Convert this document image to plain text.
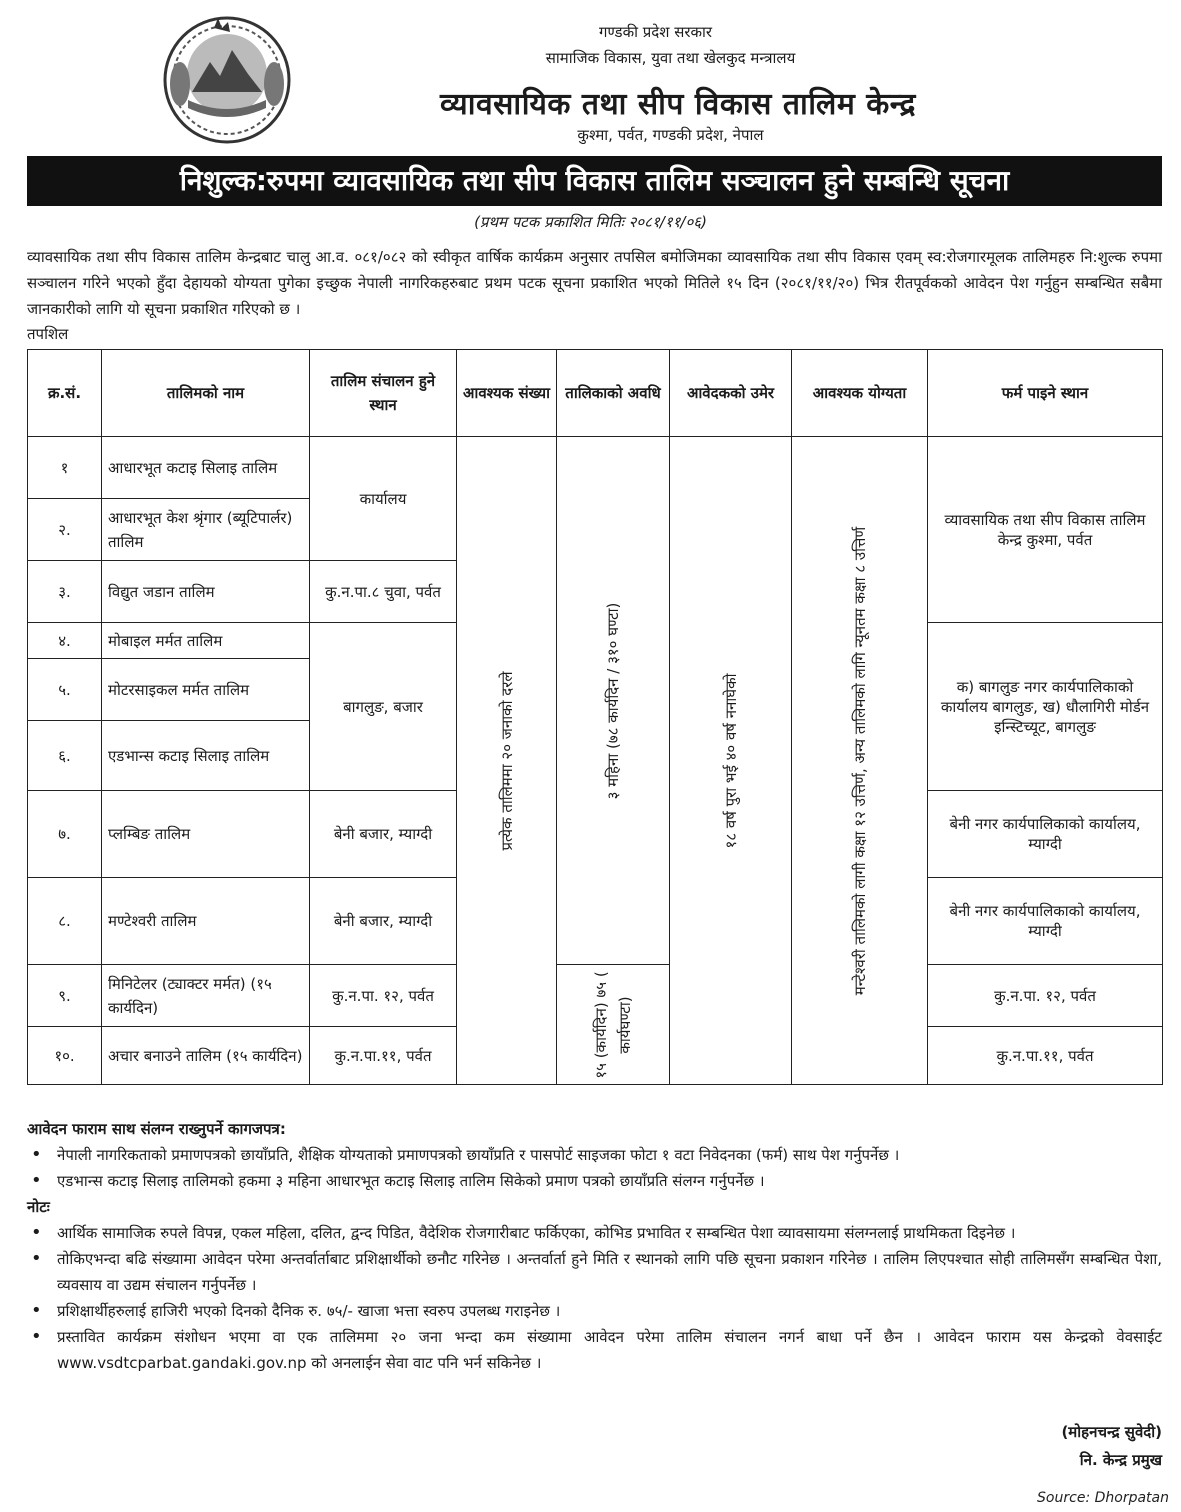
गण्डकी प्रदेश सरकार
सामाजिक विकास, युवा तथा खेलकुद मन्त्रालय
व्यावसायिक तथा सीप विकास तालिम केन्द्र
कुश्मा, पर्वत, गण्डकी प्रदेश, नेपाल
निशुल्क:रुपमा व्यावसायिक तथा सीप विकास तालिम सञ्चालन हुने सम्बन्धि सूचना
(प्रथम पटक प्रकाशित मितिः २०८१/११/०६)
व्यावसायिक तथा सीप विकास तालिम केन्द्रबाट चालु आ.व. ०८१/०८२ को स्वीकृत वार्षिक कार्यक्रम अनुसार तपसिल बमोजिमका व्यावसायिक तथा सीप विकास एवम् स्व:रोजगारमूलक तालिमहरु नि:शुल्क रुपमा सञ्चालन गरिने भएको हुँदा देहायको योग्यता पुगेका इच्छुक नेपाली नागरिकहरुबाट प्रथम पटक सूचना प्रकाशित भएको मितिले १५ दिन (२०८१/११/२०) भित्र रीतपूर्वकको आवेदन पेश गर्नुहुन सम्बन्धित सबैमा जानकारीको लागि यो सूचना प्रकाशित गरिएको छ ।
तपशिल
क्र.सं.	तालिमको नाम	तालिम संचालन हुने स्थान	आवश्यक संख्या	तालिकाको अवधि	आवेदकको उमेर	आवश्यक योग्यता	फर्म पाइने स्थान
१	आधारभूत कटाइ सिलाइ तालिम	कार्यालय	प्रत्येक तालिममा २० जनाको दरले	३ महिना (७८ कार्यदिन / ३१० घण्टा)	१८ वर्ष पुरा भई ४० वर्ष ननाघेको	मन्टेश्वरी तालिमको लागी कक्षा १२ उत्तिर्ण, अन्य तालिमको लागि न्यूनतम कक्षा ८ उत्तिर्ण	व्यावसायिक तथा सीप विकास तालिम केन्द्र कुश्मा, पर्वत
२.	आधारभूत केश श्रृंगार (ब्यूटिपार्लर) तालिम						
३.	विद्युत जडान तालिम	कु.न.पा.८ चुवा, पर्वत					
४.	मोबाइल मर्मत तालिम	बागलुङ, बजार					क) बागलुङ नगर कार्यपालिकाको कार्यालय बागलुङ, ख) धौलागिरी मोर्डन इन्स्टिच्यूट, बागलुङ
५.	मोटरसाइकल मर्मत तालिम						
६.	एडभान्स कटाइ सिलाइ तालिम						
७.	प्लम्बिङ तालिम	बेनी बजार, म्याग्दी					बेनी नगर कार्यपालिकाको कार्यालय, म्याग्दी
८.	मण्टेश्वरी तालिम	बेनी बजार, म्याग्दी					बेनी नगर कार्यपालिकाको कार्यालय, म्याग्दी
९.	मिनिटेलर (ट्याक्टर मर्मत) (१५ कार्यदिन)	कु.न.पा. १२, पर्वत		१५ (कार्यदिन) ७५ ( कार्यघण्टा)			कु.न.पा. १२, पर्वत
१०.	अचार बनाउने तालिम (१५ कार्यदिन)	कु.न.पा.११, पर्वत					कु.न.पा.११, पर्वत
आवेदन फाराम साथ संलग्न राख्नुपर्ने कागजपत्र:
• नेपाली नागरिकताको प्रमाणपत्रको छायाँप्रति, शैक्षिक योग्यताको प्रमाणपत्रको छायाँप्रति र पासपोर्ट साइजका फोटा १ वटा निवेदनका (फर्म) साथ पेश गर्नुपर्नेछ ।
• एडभान्स कटाइ सिलाइ तालिमको हकमा ३ महिना आधारभूत कटाइ सिलाइ तालिम सिकेको प्रमाण पत्रको छायाँप्रति संलग्न गर्नुपर्नेछ ।
नोटः
• आर्थिक सामाजिक रुपले विपन्न, एकल महिला, दलित, द्वन्द पिडित, वैदेशिक रोजगारीबाट फर्किएका, कोभिड प्रभावित र सम्बन्धित पेशा व्यावसायमा संलग्नलाई प्राथमिकता दिइनेछ ।
• तोकिएभन्दा बढि संख्यामा आवेदन परेमा अन्तर्वार्ताबाट प्रशिक्षार्थीको छनौट गरिनेछ । अन्तर्वार्ता हुने मिति र स्थानको लागि पछि सूचना प्रकाशन गरिनेछ । तालिम लिएपश्चात सोही तालिमसँग सम्बन्धित पेशा, व्यवसाय वा उद्यम संचालन गर्नुपर्नेछ ।
• प्रशिक्षार्थीहरुलाई हाजिरी भएको दिनको दैनिक रु. ७५/- खाजा भत्ता स्वरुप उपलब्ध गराइनेछ ।
• प्रस्तावित कार्यक्रम संशोधन भएमा वा एक तालिममा २० जना भन्दा कम संख्यामा आवेदन परेमा तालिम संचालन नगर्न बाधा पर्ने छैन । आवेदन फाराम यस केन्द्रको वेवसाईट www.vsdtcparbat.gandaki.gov.np को अनलाईन सेवा वाट पनि भर्न सकिनेछ ।
(मोहनचन्द्र सुवेदी)
नि. केन्द्र प्रमुख
Source: Dhorpatan
